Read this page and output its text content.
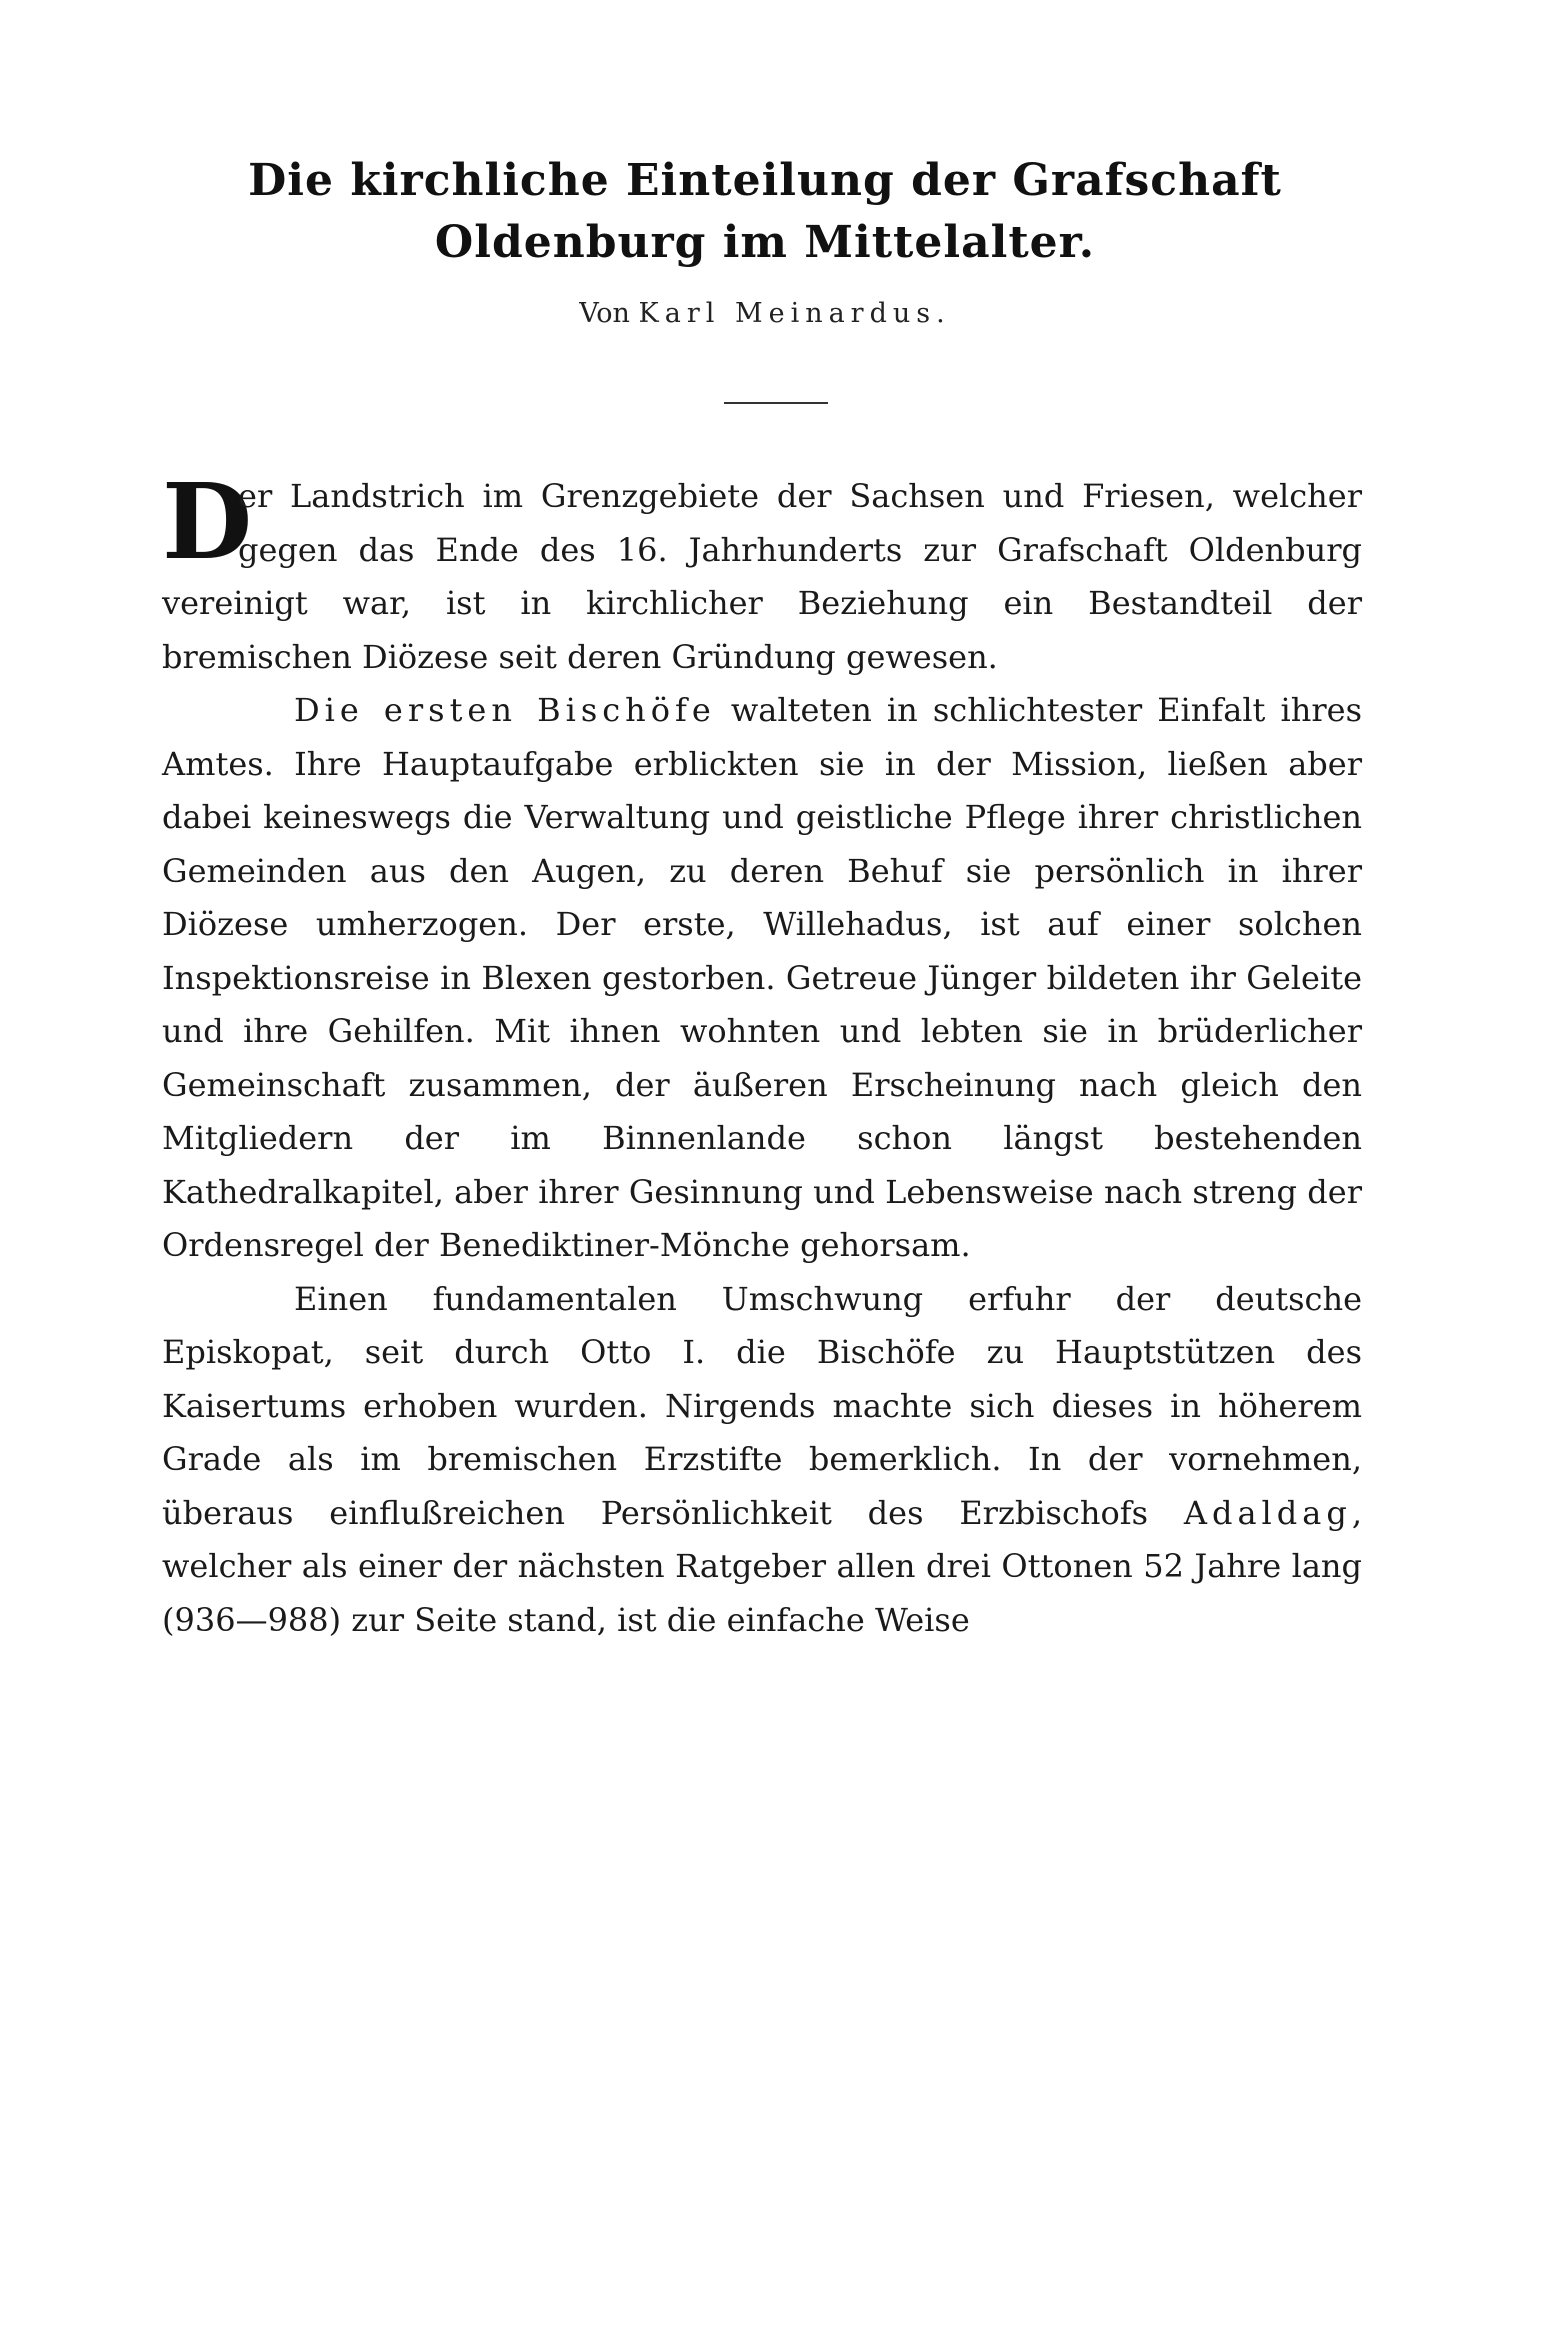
Die kirchliche Einteilung der Grafschaft
Oldenburg im Mittelalter.
Von Karl Meinardus.

D
er Landstrich im Grenzgebiete der Sachsen und Friesen, welcher gegen das Ende des 16. Jahrhunderts zur Grafschaft Oldenburg vereinigt war, ist in kirchlicher Beziehung ein Bestandteil der bremischen Diözese seit deren Gründung gewesen.

Die ersten Bischöfe walteten in schlichtester Einfalt ihres Amtes. Ihre Hauptaufgabe erblickten sie in der Mission, ließen aber dabei keineswegs die Verwaltung und geistliche Pflege ihrer christlichen Gemeinden aus den Augen, zu deren Behuf sie persönlich in ihrer Diözese umherzogen. Der erste, Willehadus, ist auf einer solchen Inspektionsreise in Blexen gestorben. Getreue Jünger bildeten ihr Geleite und ihre Gehilfen. Mit ihnen wohnten und lebten sie in brüderlicher Gemeinschaft zusammen, der äußeren Erscheinung nach gleich den Mitgliedern der im Binnenlande schon längst bestehenden Kathedralkapitel, aber ihrer Gesinnung und Lebensweise nach streng der Ordensregel der Benediktiner-Mönche gehorsam.

Einen fundamentalen Umschwung erfuhr der deutsche Episkopat, seit durch Otto I. die Bischöfe zu Hauptstützen des Kaisertums erhoben wurden. Nirgends machte sich dieses in höherem Grade als im bremischen Erzstifte bemerklich. In der vornehmen, überaus einflußreichen Persönlichkeit des Erzbischofs Adaldag, welcher als einer der nächsten Ratgeber allen drei Ottonen 52 Jahre lang (936—988) zur Seite stand, ist die einfache Weise
